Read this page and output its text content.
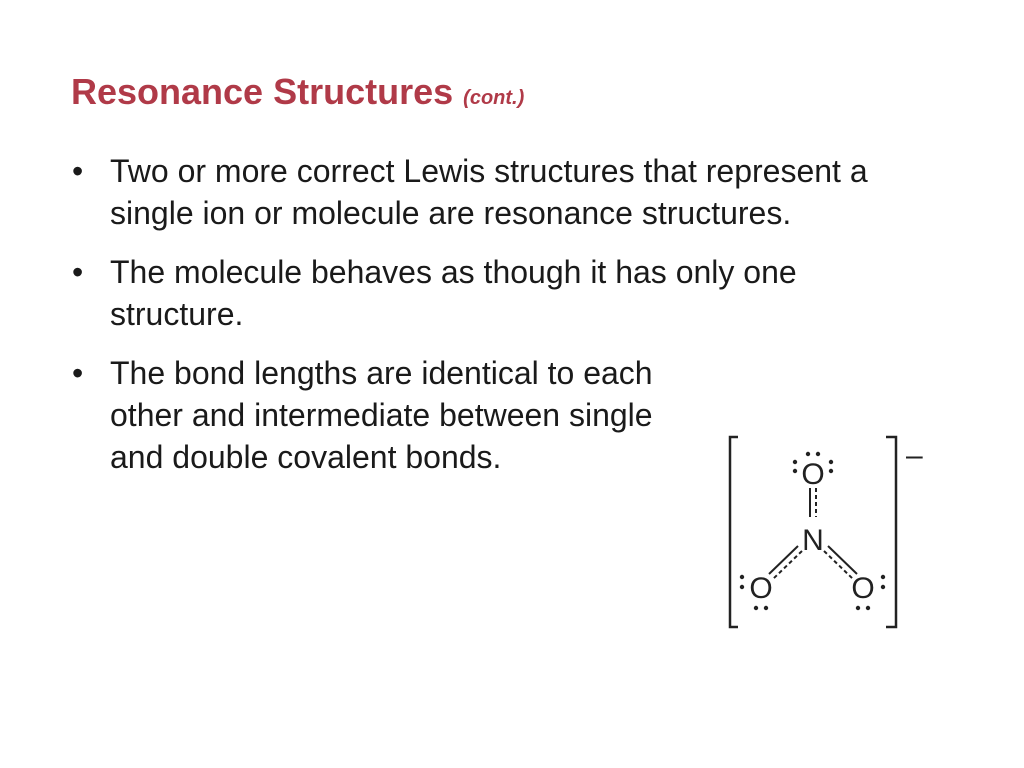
Resonance Structures (cont.)
• Two or more correct Lewis structures that represent a single ion or molecule are resonance structures.
• The molecule behaves as though it has only one structure.
• The bond lengths are identical to each other and intermediate between single and double covalent bonds.	–
O
N
O	O
